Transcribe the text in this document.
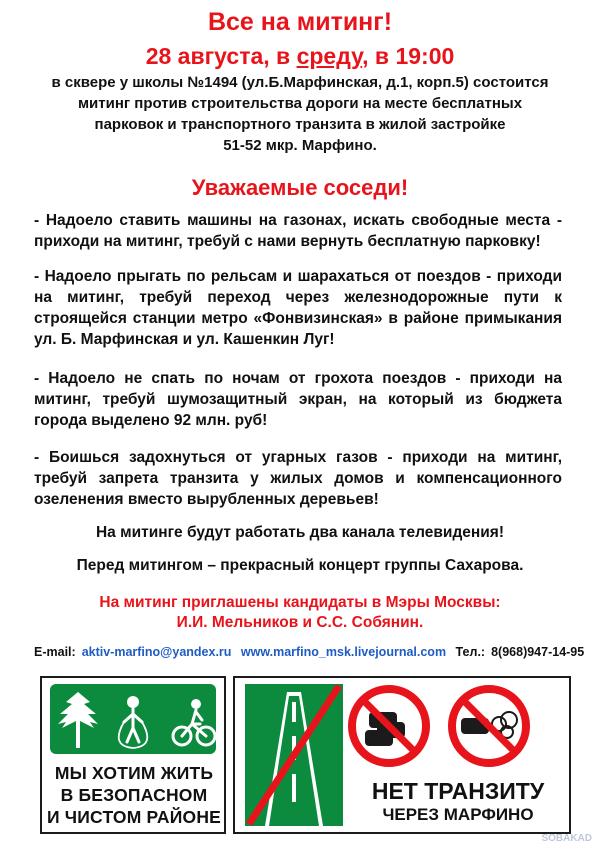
Все на митинг!
28 августа, в среду, в 19:00
в сквере у школы №1494 (ул.Б.Марфинская, д.1, корп.5) состоится
митинг против строительства дороги на месте бесплатных
парковок и транспортного транзита в жилой застройке
51-52 мкр. Марфино.
Уважаемые соседи!
- Надоело ставить машины на газонах, искать свободные места - приходи на митинг, требуй с нами вернуть бесплатную парковку!
- Надоело прыгать по рельсам и шарахаться от поездов - приходи на митинг, требуй переход через железнодорожные пути к строящейся станции метро «Фонвизинская» в районе примыкания ул. Б. Марфинская и ул. Кашенкин Луг!
- Надоело не спать по ночам от грохота поездов - приходи на митинг, требуй шумозащитный экран, на который из бюджета города выделено 92 млн. руб!
- Боишься задохнуться от угарных газов - приходи на митинг, требуй запрета транзита у жилых домов и компенсационного озеленения вместо вырубленных деревьев!
На митинге будут работать два канала телевидения!
Перед митингом – прекрасный концерт группы Сахарова.
На митинг приглашены кандидаты в Мэры Москвы:
И.И. Мельников и С.С. Собянин.
E-mail: aktiv-marfino@yandex.ru www.marfino_msk.livejournal.com Тел.: 8(968)947-14-95
МЫ ХОТИМ ЖИТЬ
В БЕЗОПАСНОМ
И ЧИСТОМ РАЙОНЕ
НЕТ ТРАНЗИТУ
ЧЕРЕЗ МАРФИНО
SOBAKAD
